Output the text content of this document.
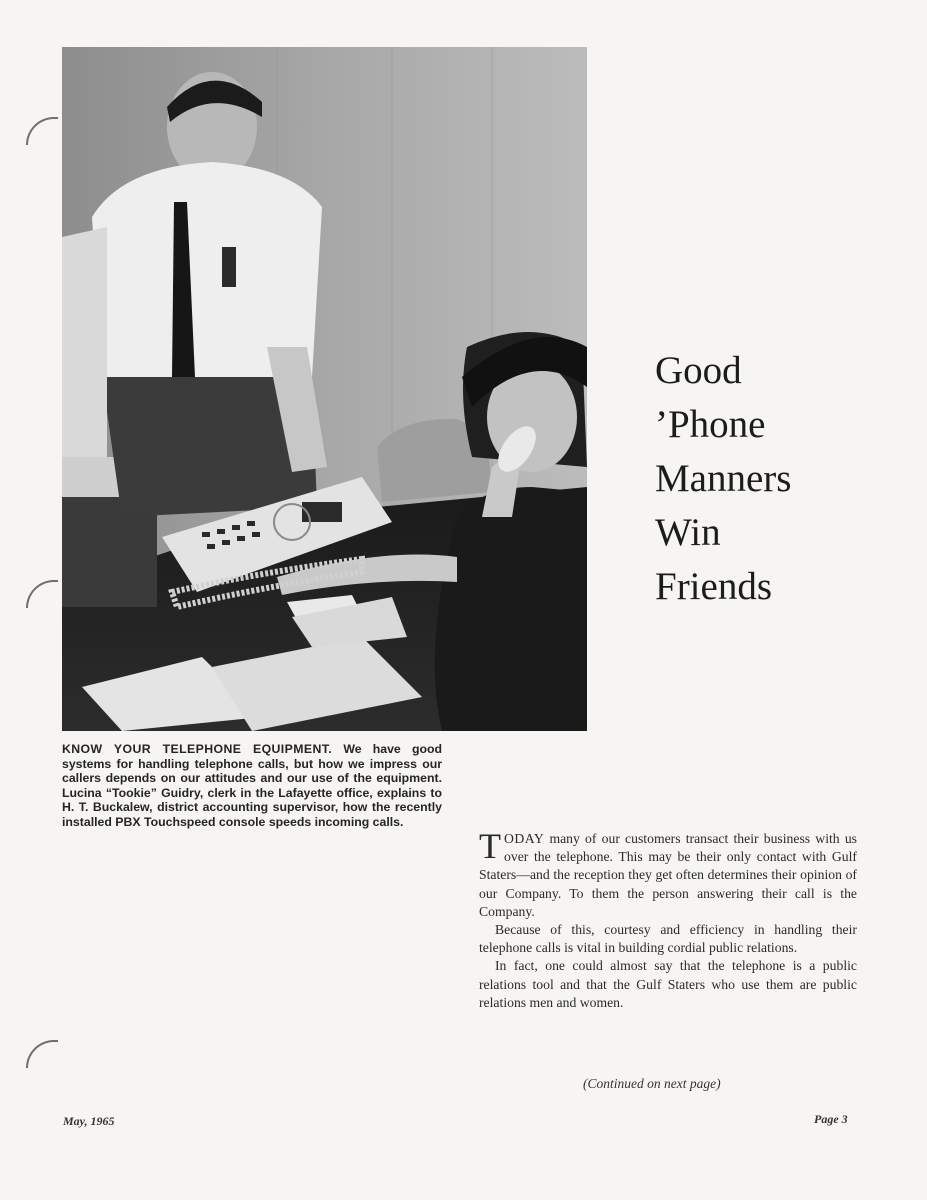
KNOW YOUR TELEPHONE EQUIPMENT. We have good systems for handling telephone calls, but how we impress our callers depends on our attitudes and our use of the equipment. Lucina “Tookie” Guidry, clerk in the Lafayette office, explains to H. T. Buckalew, district accounting supervisor, how the recently installed PBX Touchspeed console speeds incoming calls.
Good
’Phone
Manners
Win
Friends

TODAY many of our customers transact their business with us over the telephone. This may be their only contact with Gulf Staters—and the reception they get often determines their opinion of our Company. To them the person answering their call is the Company.

Because of this, courtesy and efficiency in handling their telephone calls is vital in building cordial public relations.

In fact, one could almost say that the telephone is a public relations tool and that the Gulf Staters who use them are public relations men and women.

(Continued on next page)
May, 1965	Page 3
